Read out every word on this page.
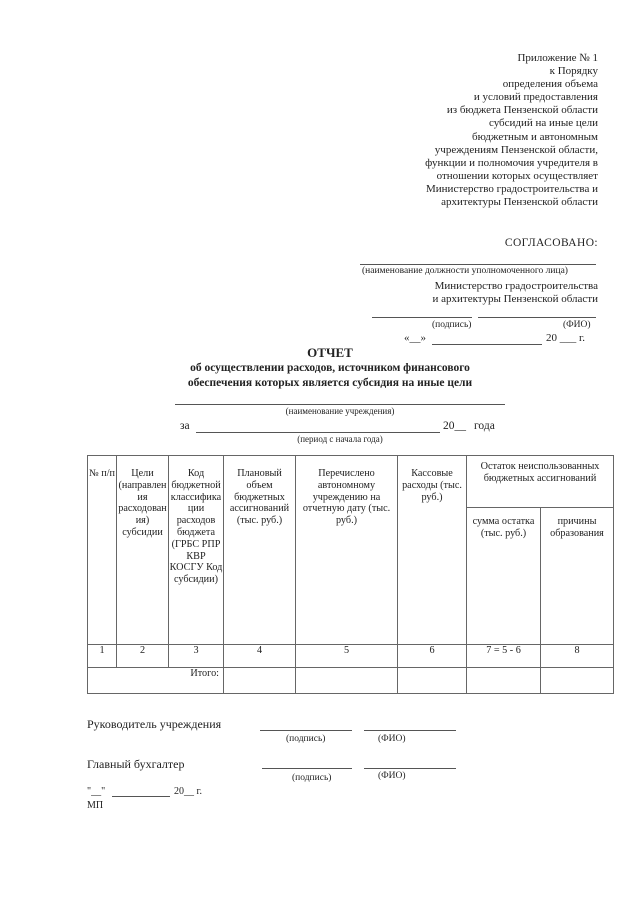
Приложение № 1
к Порядку
определения объема
и условий предоставления
из бюджета Пензенской области
субсидий на иные цели
бюджетным и автономным
учреждениям Пензенской области,
функции и полномочия учредителя в
отношении которых осуществляет
Министерство градостроительства и
архитектуры Пензенской области
СОГЛАСОВАНО:
(наименование должности уполномоченного лица)
Министерство градостроительства
и архитектуры Пензенской области
(подпись)	(ФИО)
«__»	20 ___ г.
ОТЧЕТ
об осуществлении расходов, источником финансового
обеспечения которых является субсидия на иные цели
(наименование учреждения)
за	20__ года
(период с начала года)
№ п/п	Цели (направления расходования) субсидии	Код бюджетной классификации расходов бюджета (ГРБС РПР КВР КОСГУ Код субсидии)	Плановый объем бюджетных ассигнований (тыс. руб.)	Перечислено автономному учреждению на отчетную дату (тыс. руб.)	Кассовые расходы (тыс. руб.)	Остаток неиспользованных бюджетных ассигнований	
						сумма остатка (тыс. руб.)	причины образования
1	2	3	4	5	6	7 = 5 - 6	8
Итого:							
Руководитель учреждения
(подпись)	(ФИО)
Главный бухгалтер
(подпись)	(ФИО)
"__"	20__ г.
МП
